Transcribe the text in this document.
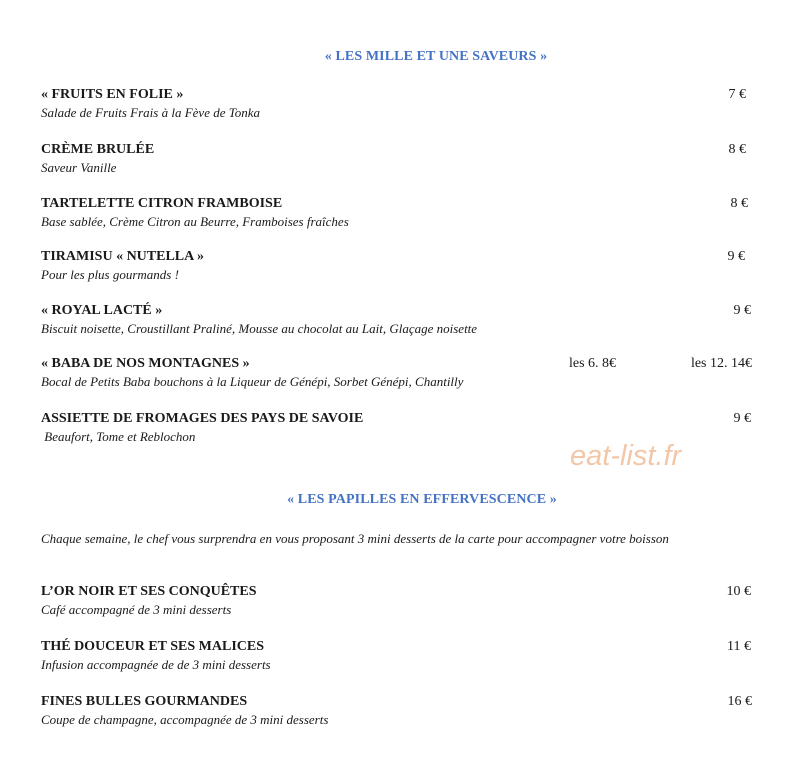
« LES MILLE ET UNE SAVEURS »
« FRUITS EN FOLIE »
Salade de Fruits Frais à la Fève de Tonka
7 €
CRÈME BRULÉE
Saveur Vanille
8 €
TARTELETTE CITRON FRAMBOISE
Base sablée, Crème Citron au Beurre, Framboises fraîches
8 €
TIRAMISU « NUTELLA »
Pour les plus gourmands !
9 €
« ROYAL LACTÉ »
Biscuit noisette, Croustillant Praliné, Mousse au chocolat au Lait, Glaçage noisette
9 €
« BABA DE NOS MONTAGNES »
Bocal de Petits Baba bouchons à la Liqueur de Génépi, Sorbet Génépi, Chantilly
les 6. 8€	les 12. 14€
ASSIETTE DE FROMAGES DES PAYS DE SAVOIE
Beaufort, Tome et Reblochon
9 €
eat-list.fr
« LES PAPILLES EN EFFERVESCENCE »
Chaque semaine, le chef vous surprendra en vous proposant 3 mini desserts de la carte pour accompagner votre boisson
L’OR NOIR ET SES CONQUÊTES
Café accompagné de 3 mini desserts
10 €
THÉ DOUCEUR ET SES MALICES
Infusion accompagnée de de 3 mini desserts
11 €
FINES BULLES GOURMANDES
Coupe de champagne, accompagnée de 3 mini desserts
16 €
